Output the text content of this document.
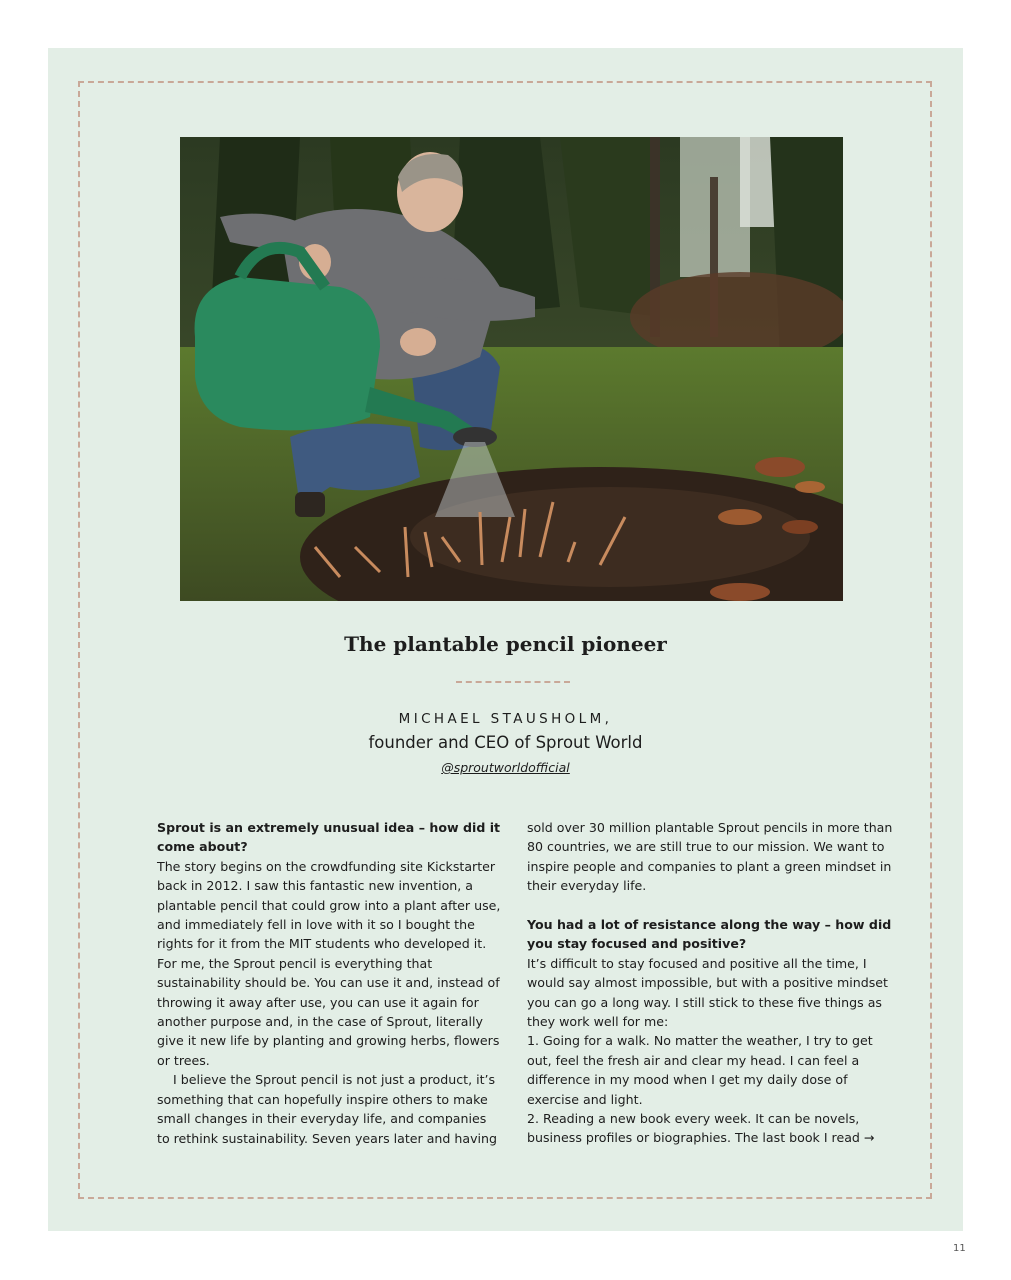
The plantable pencil pioneer
MICHAEL STAUSHOLM,
founder and CEO of Sprout World
@sproutworldofficial

Sprout is an extremely unusual idea – how did it come about?

The story begins on the crowdfunding site Kickstarter back in 2012. I saw this fantastic new invention, a plantable pencil that could grow into a plant after use, and immediately fell in love with it so I bought the rights for it from the MIT students who developed it. For me, the Sprout pencil is everything that sustainability should be. You can use it and, instead of throwing it away after use, you can use it again for another purpose and, in the case of Sprout, literally give it new life by planting and growing herbs, flowers or trees.

I believe the Sprout pencil is not just a product, it’s something that can hopefully inspire others to make small changes in their everyday life, and companies to rethink sustainability. Seven years later and having

sold over 30 million plantable Sprout pencils in more than 80 countries, we are still true to our mission. We want to inspire people and companies to plant a green mindset in their everyday life.

You had a lot of resistance along the way – how did you stay focused and positive?

It’s difficult to stay focused and positive all the time, I would say almost impossible, but with a positive mindset you can go a long way. I still stick to these five things as they work well for me:

1. Going for a walk. No matter the weather, I try to get out, feel the fresh air and clear my head. I can feel a difference in my mood when I get my daily dose of exercise and light.

2. Reading a new book every week. It can be novels, business profiles or biographies. The last book I read →

11
